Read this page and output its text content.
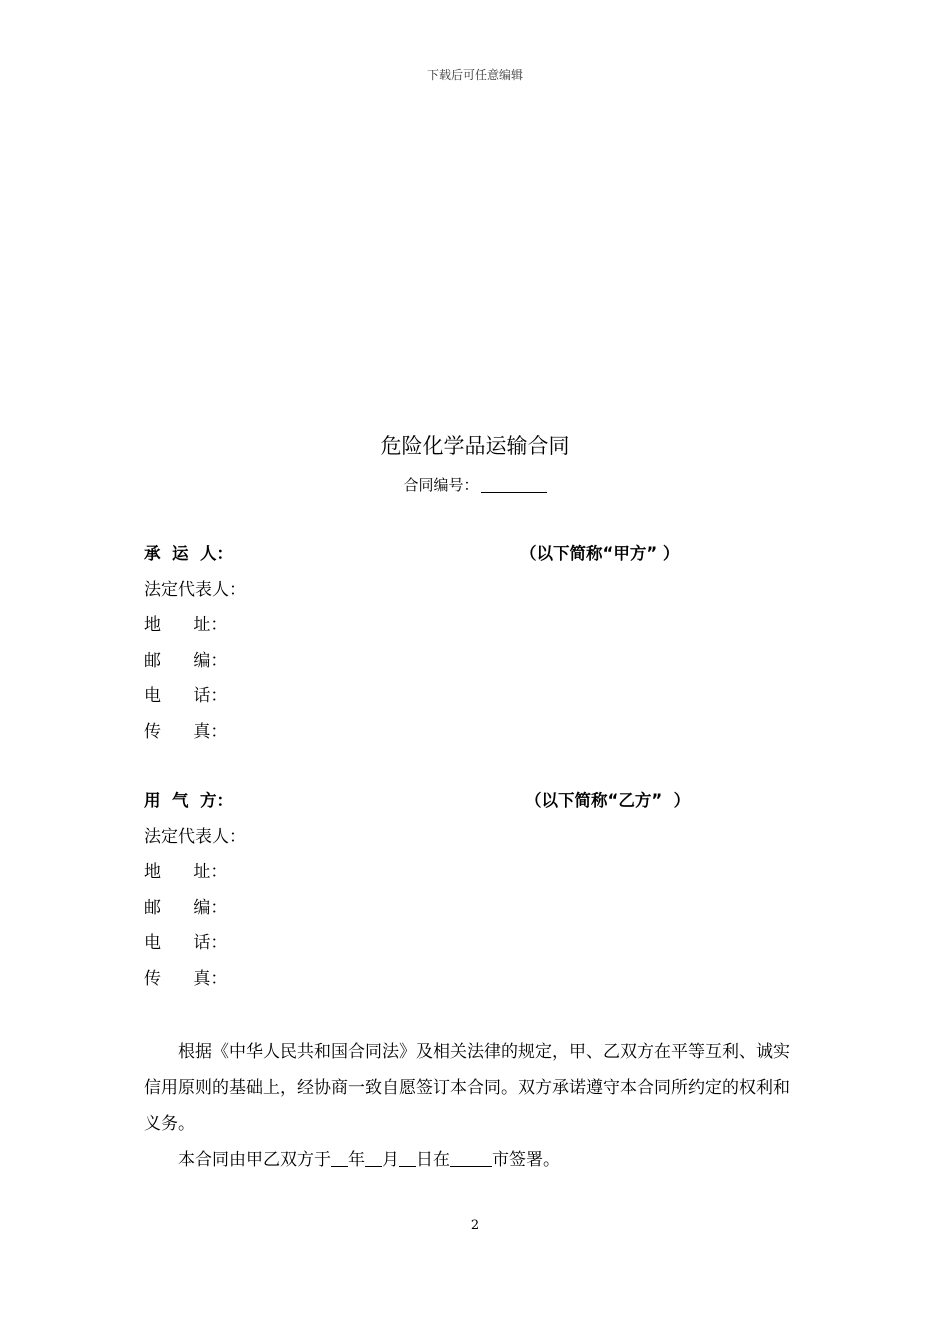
下载后可任意编辑
危险化学品运输合同
合同编号：
承  运  人：	（以下简称“甲方” ）
法定代表人：
地      址：
邮      编：
电      话：
传      真：
用  气  方：	（以下简称“乙方”  ）
法定代表人：
地      址：
邮      编：
电      话：
传      真：

根据《中华人民共和国合同法》及相关法律的规定，甲、乙双方在平等互利、诚实信用原则的基础上，经协商一致自愿签订本合同。双方承诺遵守本合同所约定的权利和义务。

本合同由甲乙双方于 年 月 日在 市签署。

2
